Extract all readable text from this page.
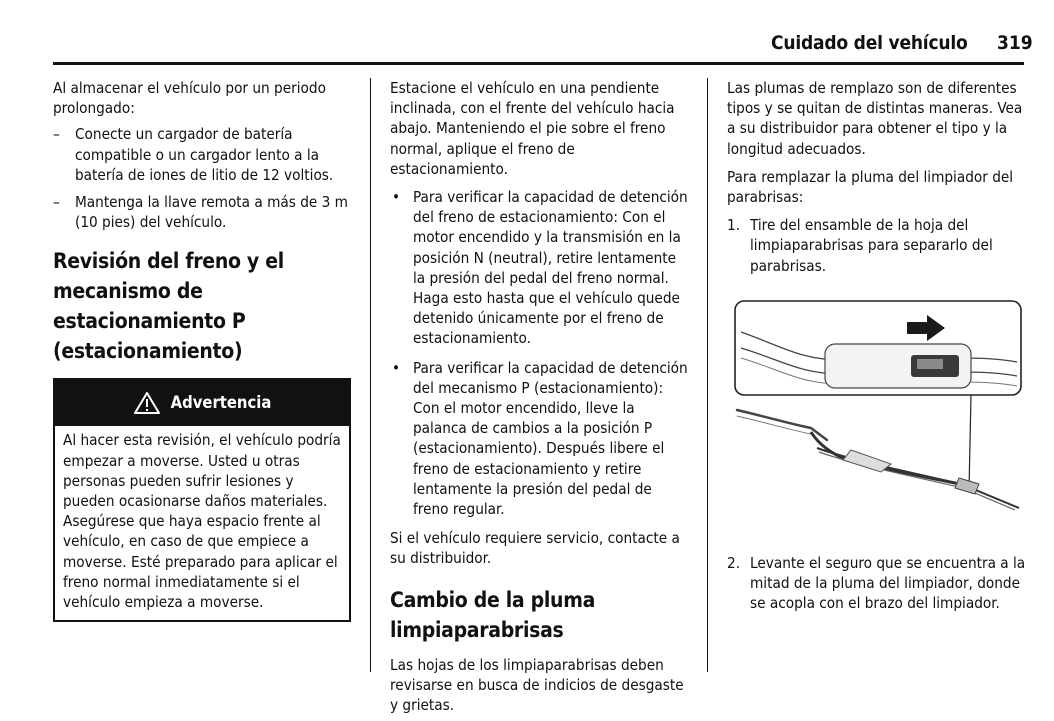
Cuidado del vehículo 319

Al almacenar el vehículo por un periodo prolongado:

– Conecte un cargador de batería compatible o un cargador lento a la batería de iones de litio de 12 voltios.
– Mantenga la llave remota a más de 3 m (10 pies) del vehículo.
Revisión del freno y el mecanismo de estacionamiento P (estacionamiento)
Advertencia
Al hacer esta revisión, el vehículo podría empezar a moverse. Usted u otras personas pueden sufrir lesiones y pueden ocasionarse daños materiales. Asegúrese que haya espacio frente al vehículo, en caso de que empiece a moverse. Esté preparado para aplicar el freno normal inmediatamente si el vehículo empieza a moverse.

Estacione el vehículo en una pendiente inclinada, con el frente del vehículo hacia abajo. Manteniendo el pie sobre el freno normal, aplique el freno de estacionamiento.

• Para verificar la capacidad de detención del freno de estacionamiento: Con el motor encendido y la transmisión en la posición N (neutral), retire lentamente la presión del pedal del freno normal. Haga esto hasta que el vehículo quede detenido únicamente por el freno de estacionamiento.
• Para verificar la capacidad de detención del mecanismo P (estacionamiento): Con el motor encendido, lleve la palanca de cambios a la posición P (estacionamiento). Después libere el freno de estacionamiento y retire lentamente la presión del pedal de freno regular.

Si el vehículo requiere servicio, contacte a su distribuidor.

Cambio de la pluma limpiaparabrisas

Las hojas de los limpiaparabrisas deben revisarse en busca de indicios de desgaste y grietas.

Las plumas de remplazo son de diferentes tipos y se quitan de distintas maneras. Vea a su distribuidor para obtener el tipo y la longitud adecuados.

Para remplazar la pluma del limpiador del parabrisas:

1. Tire del ensamble de la hoja del limpiaparabrisas para separarlo del parabrisas.
2. Levante el seguro que se encuentra a la mitad de la pluma del limpiador, donde se acopla con el brazo del limpiador.
